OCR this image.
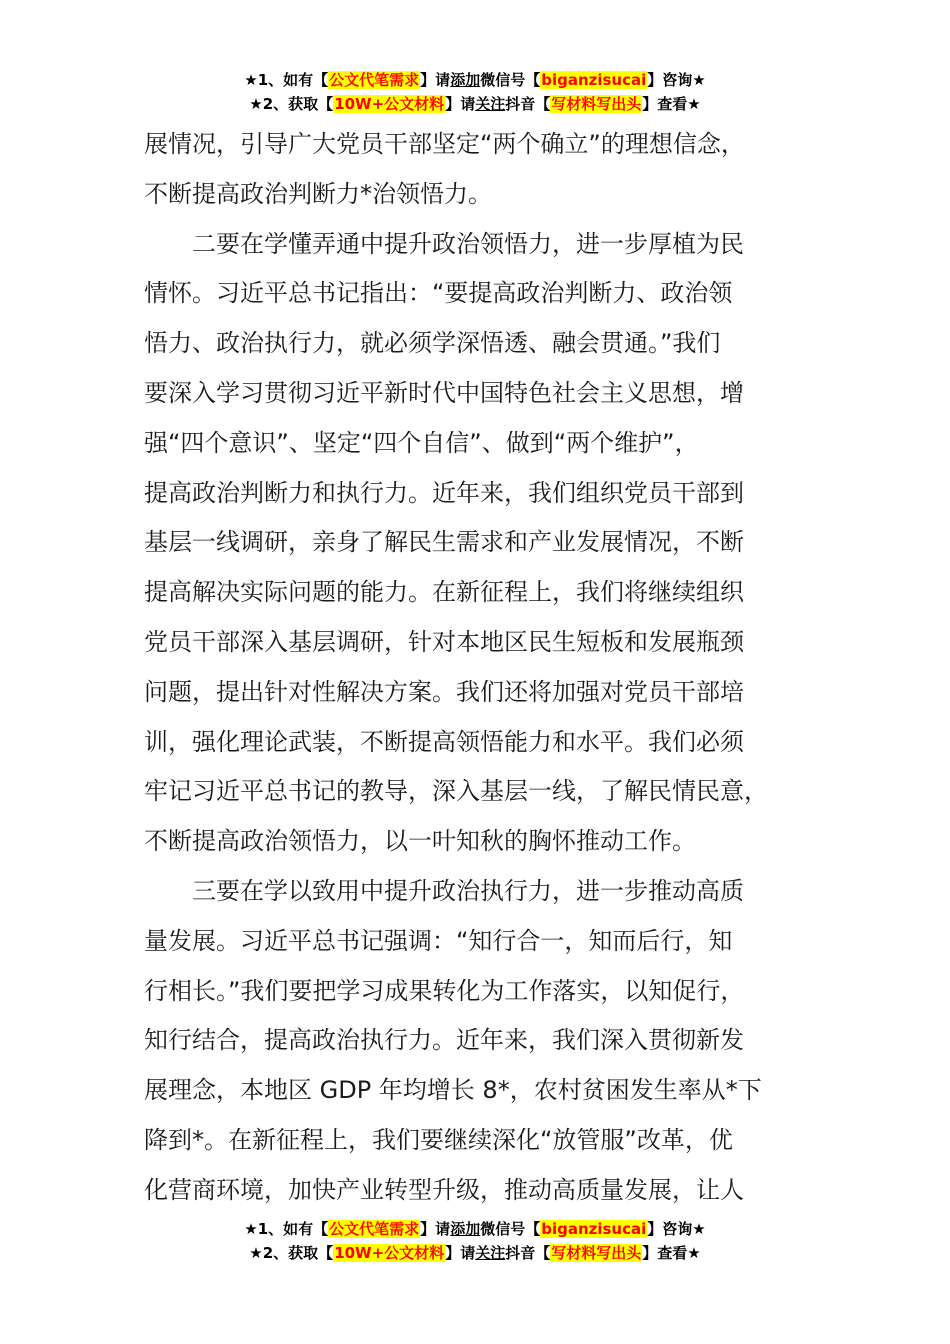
★1、如有【公文代笔需求】请添加微信号【biganzisucai】咨询★
★2、获取【10W+公文材料】请关注抖音【写材料写出头】查看★
展情况，引导广大党员干部坚定“两个确立”的理想信念，
不断提高政治判断力*治领悟力。
二要在学懂弄通中提升政治领悟力，进一步厚植为民
情怀。习近平总书记指出：“要提高政治判断力、政治领
悟力、政治执行力，就必须学深悟透、融会贯通。”我们
要深入学习贯彻习近平新时代中国特色社会主义思想，增
强“四个意识”、坚定“四个自信”、做到“两个维护”，
提高政治判断力和执行力。近年来，我们组织党员干部到
基层一线调研，亲身了解民生需求和产业发展情况，不断
提高解决实际问题的能力。在新征程上，我们将继续组织
党员干部深入基层调研，针对本地区民生短板和发展瓶颈
问题，提出针对性解决方案。我们还将加强对党员干部培
训，强化理论武装，不断提高领悟能力和水平。我们必须
牢记习近平总书记的教导，深入基层一线，了解民情民意，
不断提高政治领悟力，以一叶知秋的胸怀推动工作。
三要在学以致用中提升政治执行力，进一步推动高质
量发展。习近平总书记强调：“知行合一，知而后行，知
行相长。”我们要把学习成果转化为工作落实，以知促行，
知行结合，提高政治执行力。近年来，我们深入贯彻新发
展理念，本地区 GDP 年均增长 8*，农村贫困发生率从*下
降到*。在新征程上，我们要继续深化“放管服”改革，优
化营商环境，加快产业转型升级，推动高质量发展，让人
★1、如有【公文代笔需求】请添加微信号【biganzisucai】咨询★
★2、获取【10W+公文材料】请关注抖音【写材料写出头】查看★
